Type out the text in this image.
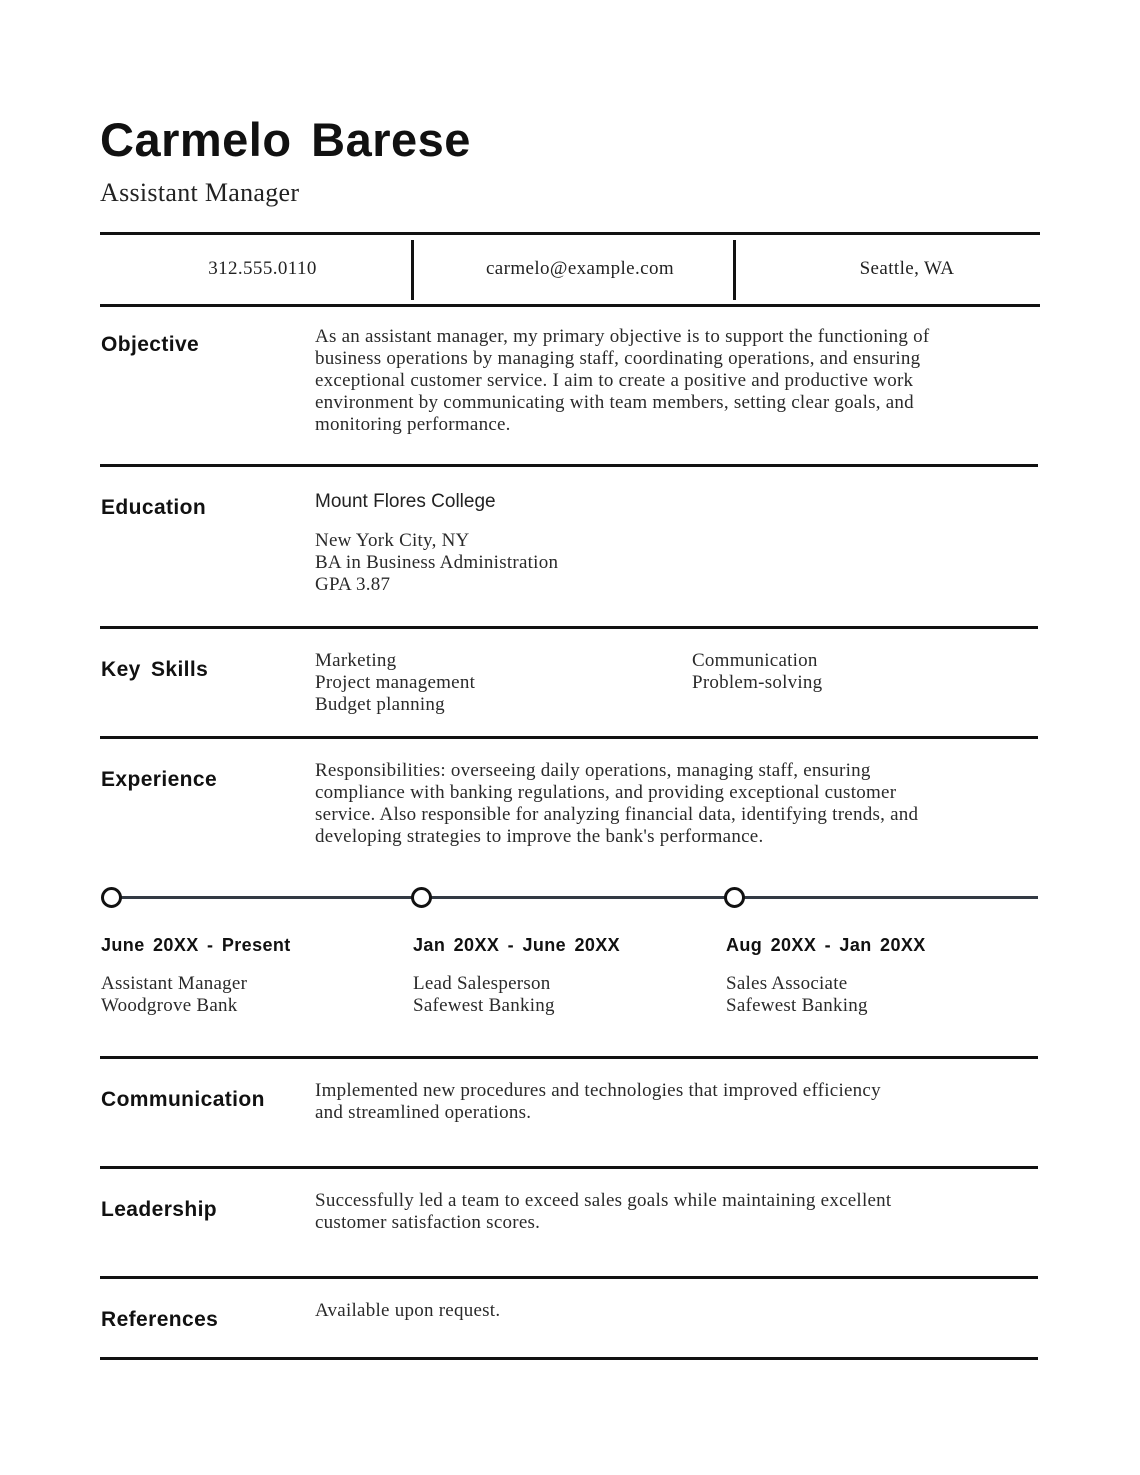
Carmelo Barese
Assistant Manager
312.555.0110	carmelo@example.com	Seattle, WA
Objective	As an assistant manager, my primary objective is to support the functioning of
business operations by managing staff, coordinating operations, and ensuring
exceptional customer service. I aim to create a positive and productive work
environment by communicating with team members, setting clear goals, and
monitoring performance.
Education	Mount Flores College
New York City, NY
BA in Business Administration
GPA 3.87
Key Skills	Marketing
Project management
Budget planning
Communication
Problem-solving
Experience	Responsibilities: overseeing daily operations, managing staff, ensuring
compliance with banking regulations, and providing exceptional customer
service. Also responsible for analyzing financial data, identifying trends, and
developing strategies to improve the bank's performance.
June 20XX - Present
Assistant Manager
Woodgrove Bank
Jan 20XX - June 20XX
Lead Salesperson
Safewest Banking
Aug 20XX - Jan 20XX
Sales Associate
Safewest Banking
Communication	Implemented new procedures and technologies that improved efficiency
and streamlined operations.
Leadership	Successfully led a team to exceed sales goals while maintaining excellent
customer satisfaction scores.
References	Available upon request.
